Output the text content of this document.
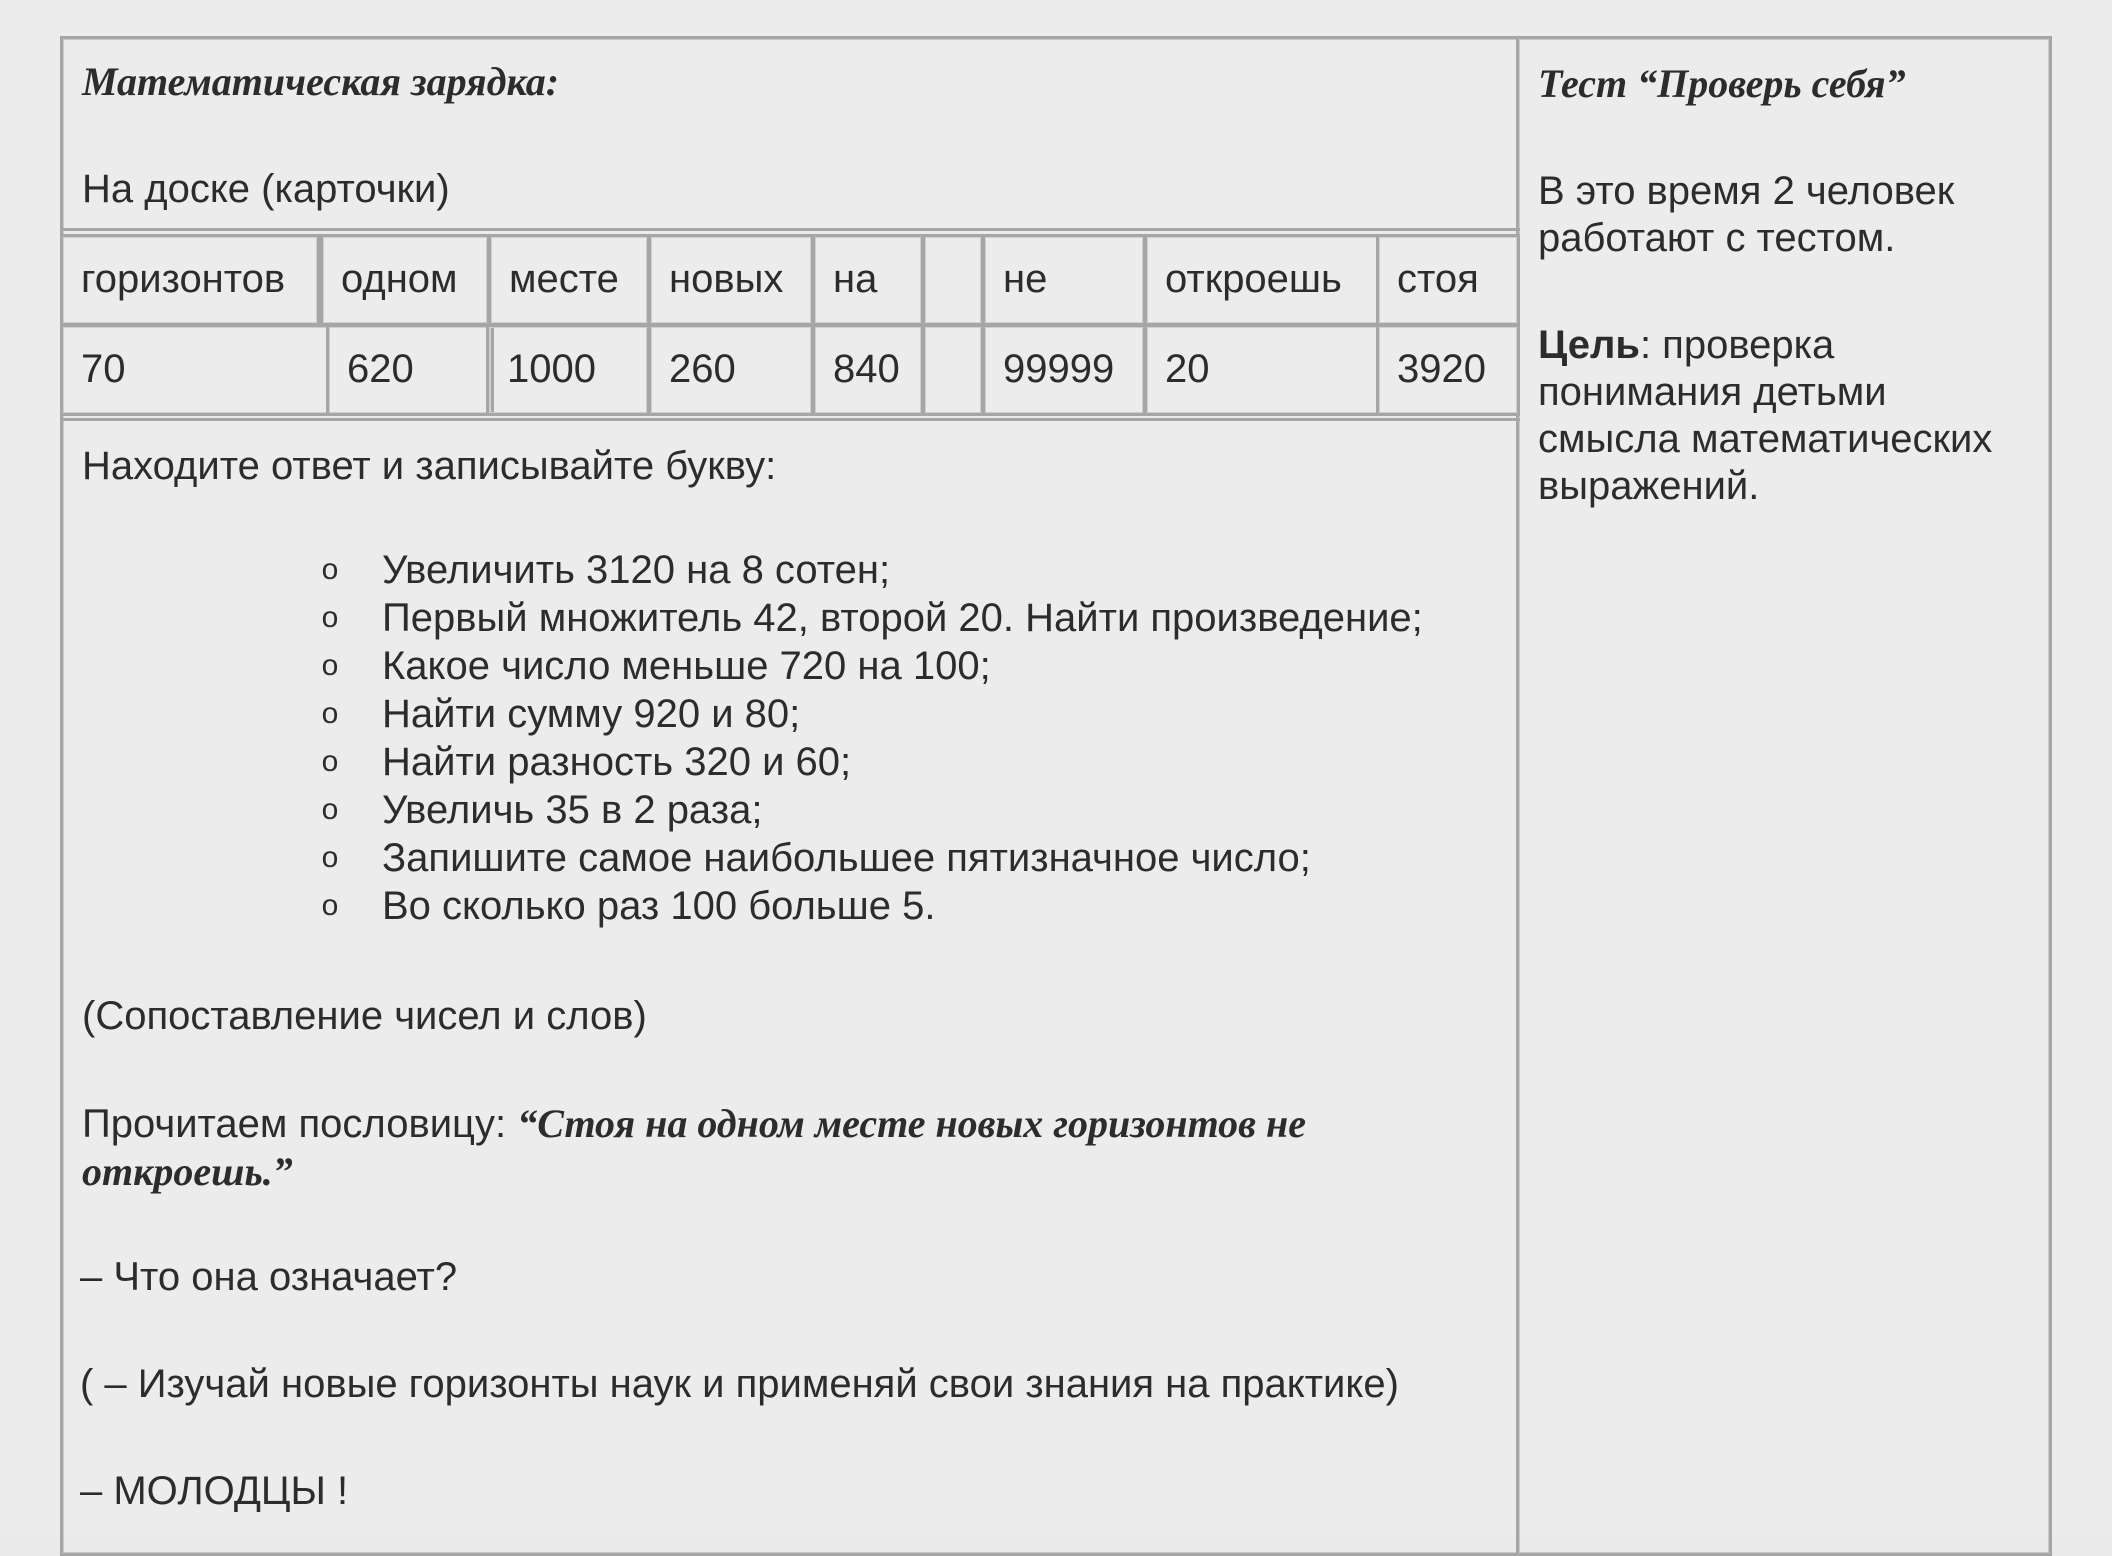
Математическая зарядка:
На доске (карточки)
Находите ответ и записывайте букву:
o Увеличить 3120 на 8 сотен;
o Первый множитель 42, второй 20. Найти произведение;
o Какое число меньше 720 на 100;
o Найти сумму 920 и 80;
o Найти разность 320 и 60;
o Увеличь 35 в 2 раза;
o Запишите самое наибольшее пятизначное число;
o Во сколько раз 100 больше 5.
(Сопоставление чисел и слов)
Прочитаем пословицу: “Стоя на одном месте новых горизонтов не
откроешь.”
– Что она означает?
( – Изучай новые горизонты наук и применяй свои знания на практике)
– МОЛОДЦЫ !
Тест “Проверь себя”
В это время 2 человек
работают с тестом.
Цель: проверка
понимания детьми
смысла математических
выражений.
горизонтов	одном	месте	новых	на	не	откроешь	стоя
70	620	1000	260	840	99999	20	3920
